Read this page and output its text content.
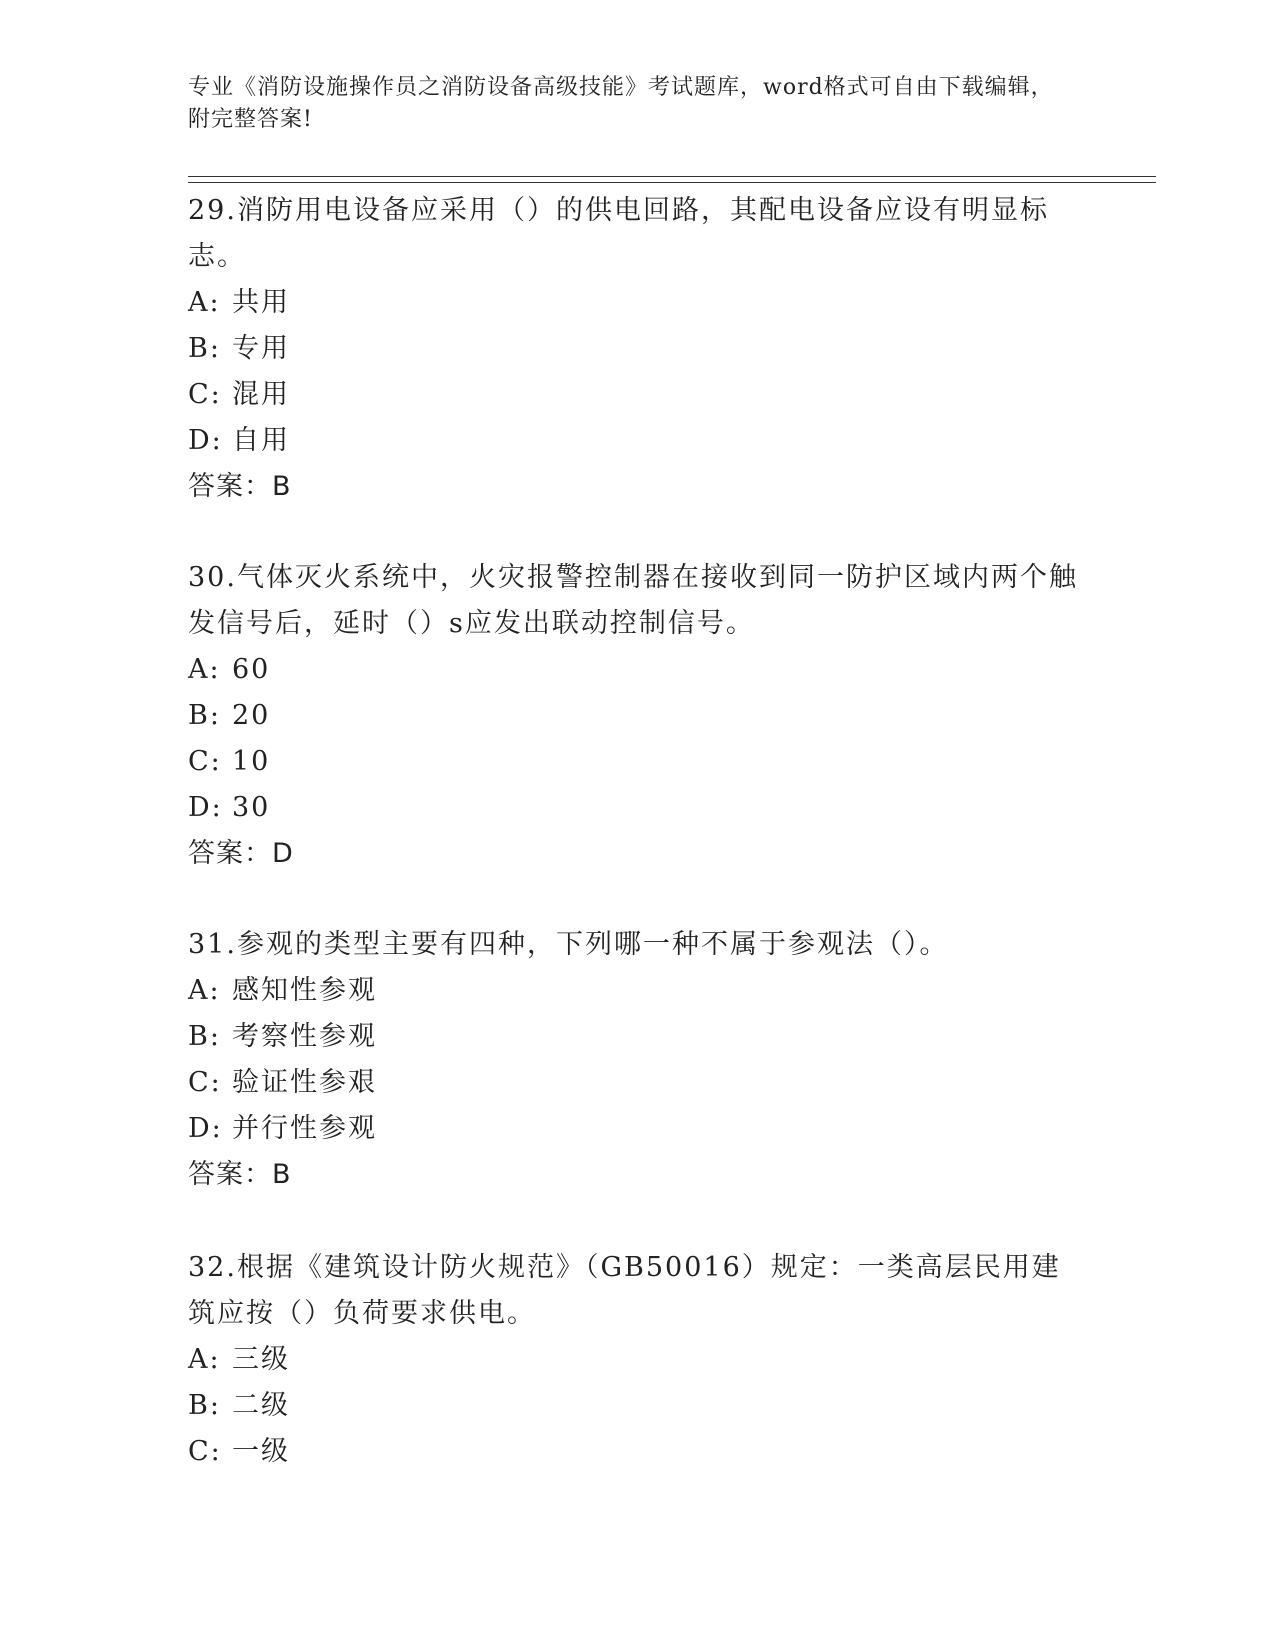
专业《消防设施操作员之消防设备高级技能》考试题库，word格式可自由下载编辑，附完整答案!

29.消防用电设备应采用（）的供电回路，其配电设备应设有明显标志。

A: 共用

B: 专用

C: 混用

D: 自用

答案：B

30.气体灭火系统中，火灾报警控制器在接收到同一防护区域内两个触发信号后，延时（）s应发出联动控制信号。

A: 60

B: 20

C: 10

D: 30

答案：D

31.参观的类型主要有四种，下列哪一种不属于参观法（）。

A: 感知性参观

B: 考察性参观

C: 验证性参艰

D: 并行性参观

答案：B

32.根据《建筑设计防火规范》（GB50016）规定：一类高层民用建筑应按（）负荷要求供电。

A: 三级

B: 二级

C: 一级
